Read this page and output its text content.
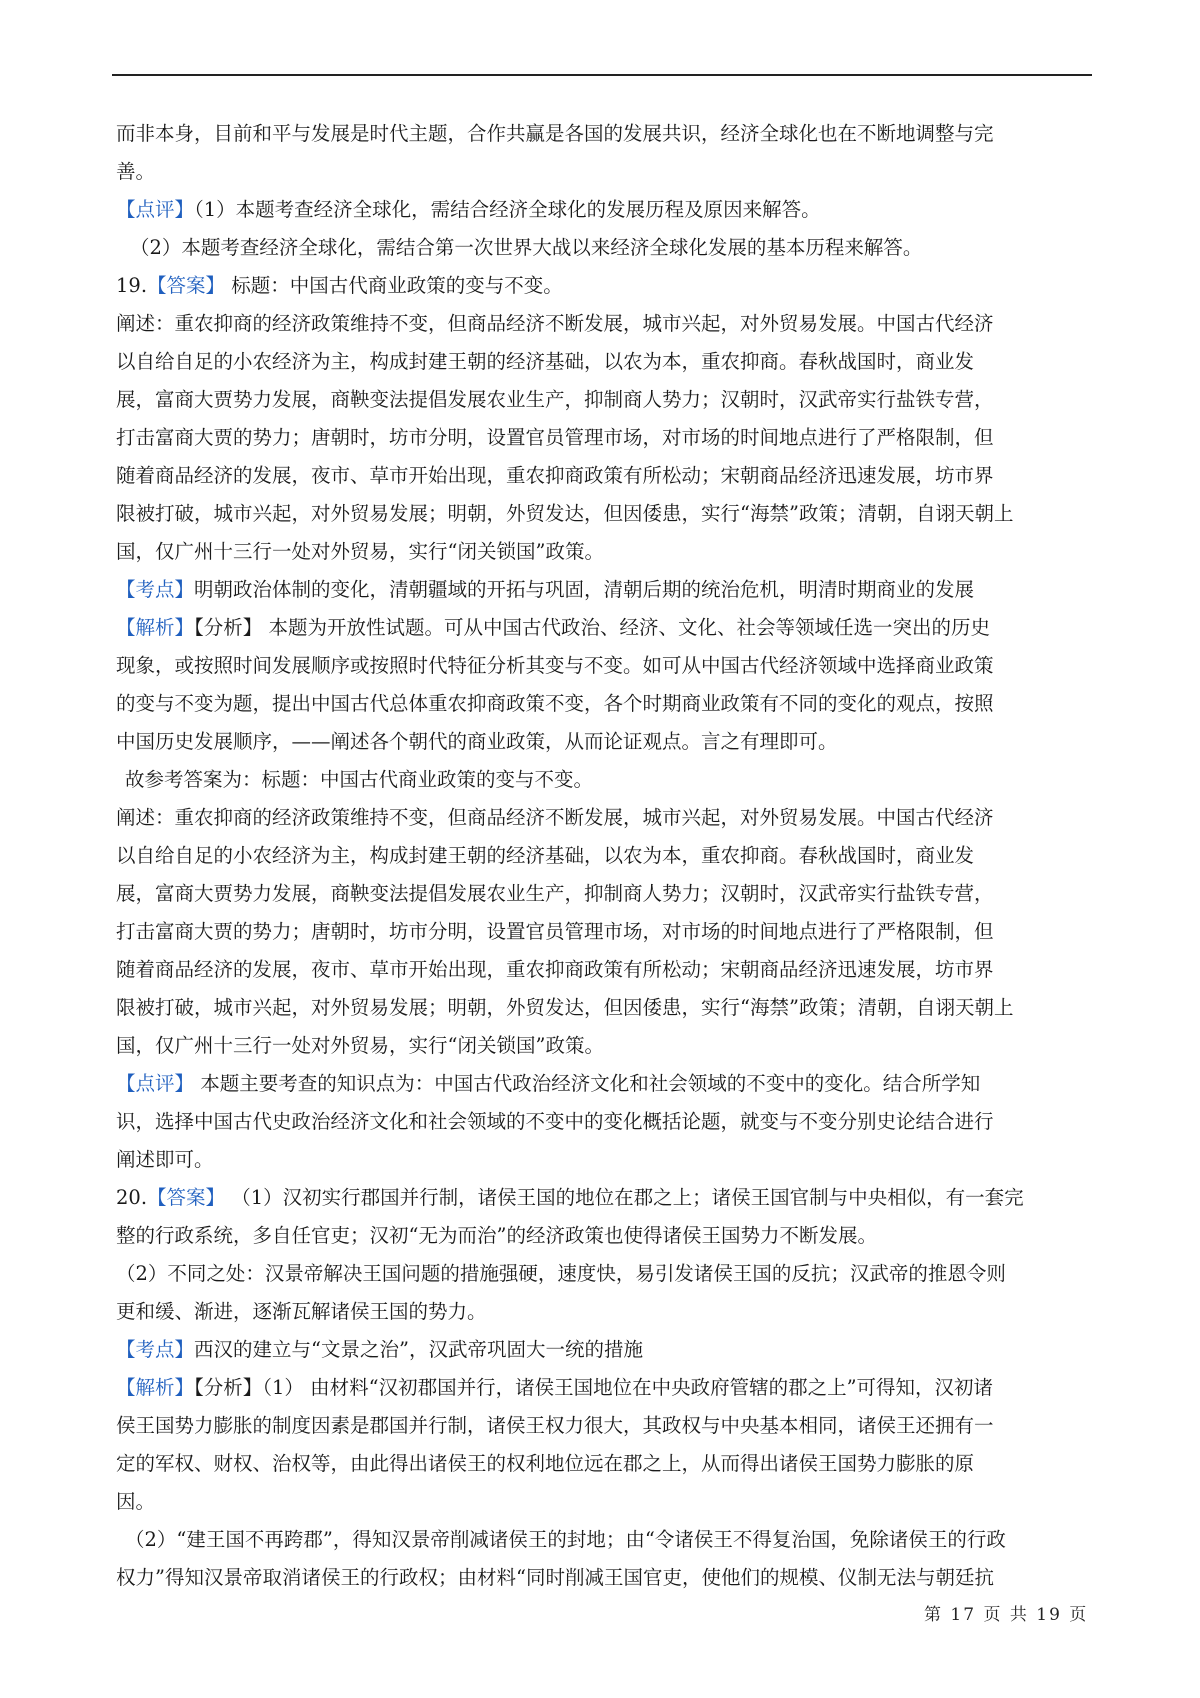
而非本身，目前和平与发展是时代主题，合作共赢是各国的发展共识，经济全球化也在不断地调整与完
善。
【点评】（1）本题考查经济全球化，需结合经济全球化的发展历程及原因来解答。
（2）本题考查经济全球化，需结合第一次世界大战以来经济全球化发展的基本历程来解答。
19.【答案】 标题：中国古代商业政策的变与不变。
阐述：重农抑商的经济政策维持不变，但商品经济不断发展，城市兴起，对外贸易发展。中国古代经济
以自给自足的小农经济为主，构成封建王朝的经济基础，以农为本，重农抑商。春秋战国时，商业发
展，富商大贾势力发展，商鞅变法提倡发展农业生产，抑制商人势力；汉朝时，汉武帝实行盐铁专营，
打击富商大贾的势力；唐朝时，坊市分明，设置官员管理市场，对市场的时间地点进行了严格限制，但
随着商品经济的发展，夜市、草市开始出现，重农抑商政策有所松动；宋朝商品经济迅速发展，坊市界
限被打破，城市兴起，对外贸易发展；明朝，外贸发达，但因倭患，实行“海禁”政策；清朝，自诩天朝上
国，仅广州十三行一处对外贸易，实行“闭关锁国”政策。
【考点】明朝政治体制的变化，清朝疆域的开拓与巩固，清朝后期的统治危机，明清时期商业的发展
【解析】【分析】 本题为开放性试题。可从中国古代政治、经济、文化、社会等领域任选一突出的历史
现象，或按照时间发展顺序或按照时代特征分析其变与不变。如可从中国古代经济领域中选择商业政策
的变与不变为题，提出中国古代总体重农抑商政策不变，各个时期商业政策有不同的变化的观点，按照
中国历史发展顺序，——阐述各个朝代的商业政策，从而论证观点。言之有理即可。
故参考答案为：标题：中国古代商业政策的变与不变。
阐述：重农抑商的经济政策维持不变，但商品经济不断发展，城市兴起，对外贸易发展。中国古代经济
以自给自足的小农经济为主，构成封建王朝的经济基础，以农为本，重农抑商。春秋战国时，商业发
展，富商大贾势力发展，商鞅变法提倡发展农业生产，抑制商人势力；汉朝时，汉武帝实行盐铁专营，
打击富商大贾的势力；唐朝时，坊市分明，设置官员管理市场，对市场的时间地点进行了严格限制，但
随着商品经济的发展，夜市、草市开始出现，重农抑商政策有所松动；宋朝商品经济迅速发展，坊市界
限被打破，城市兴起，对外贸易发展；明朝，外贸发达，但因倭患，实行“海禁”政策；清朝，自诩天朝上
国，仅广州十三行一处对外贸易，实行“闭关锁国”政策。
【点评】 本题主要考查的知识点为：中国古代政治经济文化和社会领域的不变中的变化。结合所学知
识，选择中国古代史政治经济文化和社会领域的不变中的变化概括论题，就变与不变分别史论结合进行
阐述即可。
20.【答案】 （1）汉初实行郡国并行制，诸侯王国的地位在郡之上；诸侯王国官制与中央相似，有一套完
整的行政系统，多自任官吏；汉初“无为而治”的经济政策也使得诸侯王国势力不断发展。
（2）不同之处：汉景帝解决王国问题的措施强硬，速度快，易引发诸侯王国的反抗；汉武帝的推恩令则
更和缓、渐进，逐渐瓦解诸侯王国的势力。
【考点】西汉的建立与“文景之治”，汉武帝巩固大一统的措施
【解析】【分析】（1） 由材料“汉初郡国并行，诸侯王国地位在中央政府管辖的郡之上”可得知，汉初诸
侯王国势力膨胀的制度因素是郡国并行制，诸侯王权力很大，其政权与中央基本相同，诸侯王还拥有一
定的军权、财权、治权等，由此得出诸侯王的权利地位远在郡之上，从而得出诸侯王国势力膨胀的原
因。
（2）“建王国不再跨郡”，得知汉景帝削减诸侯王的封地；由“令诸侯王不得复治国，免除诸侯王的行政
权力”得知汉景帝取消诸侯王的行政权；由材料“同时削减王国官吏，使他们的规模、仪制无法与朝廷抗
第 17 页 共 19 页
